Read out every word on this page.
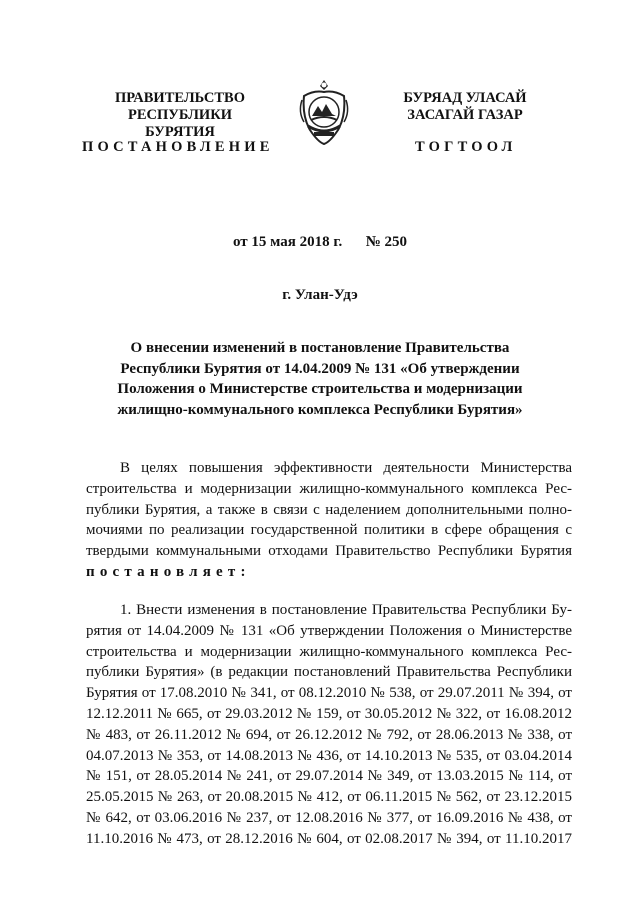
ПРАВИТЕЛЬСТВО
РЕСПУБЛИКИ БУРЯТИЯ
БУРЯАД УЛАСАЙ
ЗАСАГАЙ ГАЗАР
ПОСТАНОВЛЕНИЕ	ТОГТООЛ
от 15 мая 2018 г. № 250
г. Улан-Удэ
О внесении изменений в постановление Правительства
Республики Бурятия от 14.04.2009 № 131 «Об утверждении
Положения о Министерстве строительства и модернизации
жилищно-коммунального комплекса Республики Бурятия»
В целях повышения эффективности деятельности Министерства
строительства и модернизации жилищно-коммунального комплекса Рес-
публики Бурятия, а также в связи с наделением дополнительными полно-
мочиями по реализации государственной политики в сфере обращения с
твердыми коммунальными отходами Правительство Республики Бурятия
постановляет:
1. Внести изменения в постановление Правительства Республики Бу-
рятия от 14.04.2009 № 131 «Об утверждении Положения о Министерстве
строительства и модернизации жилищно-коммунального комплекса Рес-
публики Бурятия» (в редакции постановлений Правительства Республики
Бурятия от 17.08.2010 № 341, от 08.12.2010 № 538, от 29.07.2011 № 394, от
12.12.2011 № 665, от 29.03.2012 № 159, от 30.05.2012 № 322, от 16.08.2012
№ 483, от 26.11.2012 № 694, от 26.12.2012 № 792, от 28.06.2013 № 338, от
04.07.2013 № 353, от 14.08.2013 № 436, от 14.10.2013 № 535, от 03.04.2014
№ 151, от 28.05.2014 № 241, от 29.07.2014 № 349, от 13.03.2015 № 114, от
25.05.2015 № 263, от 20.08.2015 № 412, от 06.11.2015 № 562, от 23.12.2015
№ 642, от 03.06.2016 № 237, от 12.08.2016 № 377, от 16.09.2016 № 438, от
11.10.2016 № 473, от 28.12.2016 № 604, от 02.08.2017 № 394, от 11.10.2017
